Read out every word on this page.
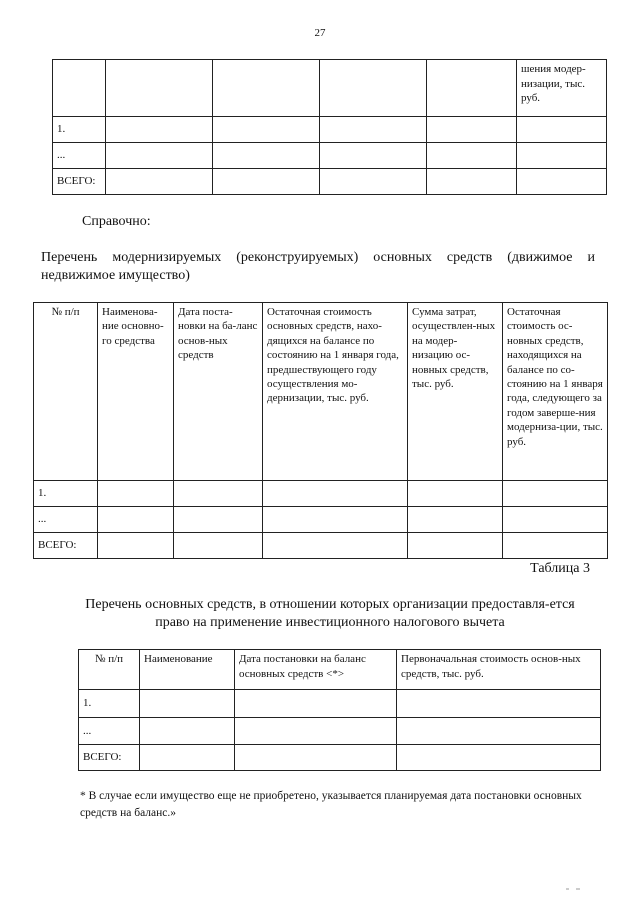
27
					шения модер-низации, тыс. руб.
1.					
...					
ВСЕГО:					
Справочно:
Перечень модернизируемых (реконструируемых) основных средств (движимое и недвижимое имущество)
№ п/п	Наименова-ние основно-го средства	Дата поста-новки на ба-ланс основ-ных средств	Остаточная стоимость основных средств, нахо-дящихся на балансе по состоянию на 1 января года, предшествующего году осуществления мо-дернизации, тыс. руб.	Сумма затрат, осуществлен-ных на модер-низацию ос-новных средств, тыс. руб.	Остаточная стоимость ос-новных средств, находящихся на балансе по со-стоянию на 1 января года, следующего за годом заверше-ния модерниза-ции, тыс. руб.
1.					
...					
ВСЕГО:					
Таблица 3
Перечень основных средств, в отношении которых организации предоставля-ется право на применение инвестиционного налогового вычета
№ п/п	Наименование	Дата постановки на баланс основных средств <*>	Первоначальная стоимость основ-ных средств, тыс. руб.
1.			
...			
ВСЕГО:			
* В случае если имущество еще не приобретено, указывается планируемая дата постановки основных средств на баланс.»
